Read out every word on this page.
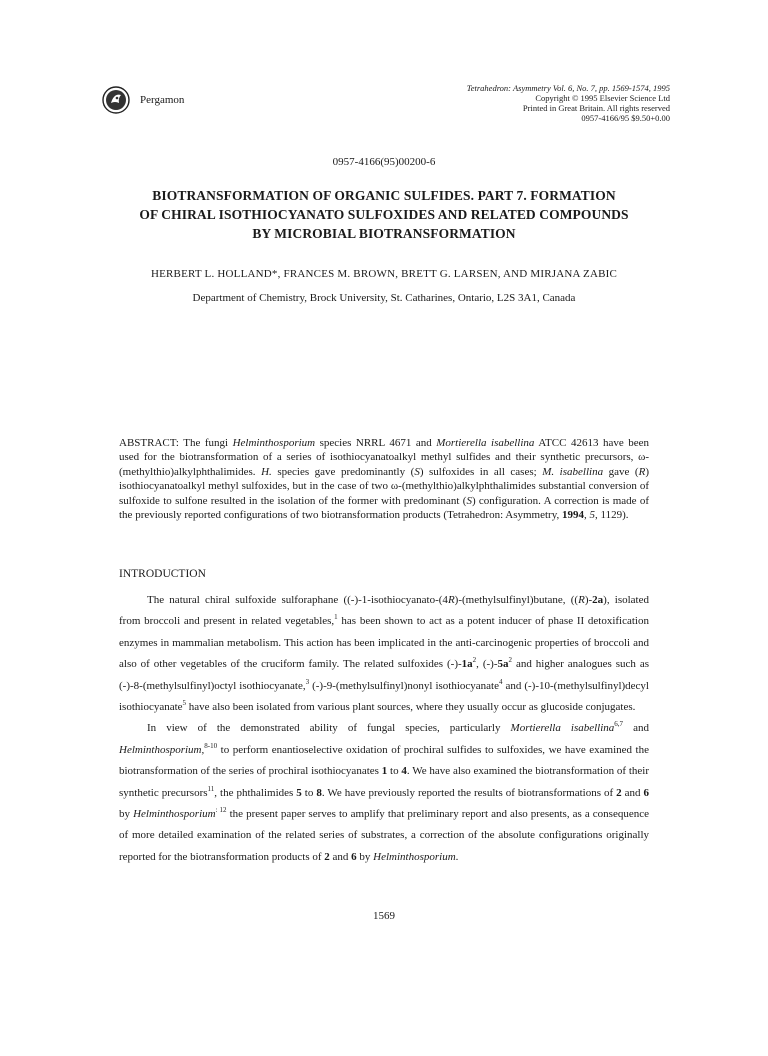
Pergamon
Tetrahedron: Asymmetry Vol. 6, No. 7, pp. 1569-1574, 1995
Copyright © 1995 Elsevier Science Ltd
Printed in Great Britain. All rights reserved
0957-4166/95 $9.50+0.00
0957-4166(95)00200-6
BIOTRANSFORMATION OF ORGANIC SULFIDES. PART 7. FORMATION
OF CHIRAL ISOTHIOCYANATO SULFOXIDES AND RELATED COMPOUNDS
BY MICROBIAL BIOTRANSFORMATION
HERBERT L. HOLLAND*, FRANCES M. BROWN, BRETT G. LARSEN, AND MIRJANA ZABIC
Department of Chemistry, Brock University, St. Catharines, Ontario, L2S 3A1, Canada
ABSTRACT: The fungi Helminthosporium species NRRL 4671 and Mortierella isabellina ATCC 42613 have been used for the biotransformation of a series of isothiocyanatoalkyl methyl sulfides and their synthetic precursors, ω-(methylthio)alkylphthalimides. H. species gave predominantly (S) sulfoxides in all cases; M. isabellina gave (R) isothiocyanatoalkyl methyl sulfoxides, but in the case of two ω-(methylthio)alkylphthalimides substantial conversion of sulfoxide to sulfone resulted in the isolation of the former with predominant (S) configuration. A correction is made of the previously reported configurations of two biotransformation products (Tetrahedron: Asymmetry, 1994, 5, 1129).
INTRODUCTION

The natural chiral sulfoxide sulforaphane ((-)-1-isothiocyanato-(4R)-(methylsulfinyl)butane, ((R)-2a), isolated from broccoli and present in related vegetables,$^1$ has been shown to act as a potent inducer of phase II detoxification enzymes in mammalian metabolism. This action has been implicated in the anti-carcinogenic properties of broccoli and also of other vegetables of the cruciform family. The related sulfoxides $(-)-1a^2$, $(-)-5a^2$ and higher analogues such as (-)-8-(methylsulfinyl)octyl isothiocyanate,$^3$ (-)-9-(methylsulfinyl)nonyl isothiocyanate$^4$ and (-)-10-(methylsulfinyl)decyl isothiocyanate$^5$ have also been isolated from various plant sources, where they usually occur as glucoside conjugates.

In view of the demonstrated ability of fungal species, particularly Mortierella isabellina$^{6,7}$ and Helminthosporium,$^{8-10}$ to perform enantioselective oxidation of prochiral sulfides to sulfoxides, we have examined the biotransformation of the series of prochiral isothiocyanates 1 to 4. We have also examined the biotransformation of their synthetic precursors$^{11}$, the phthalimides 5 to 8. We have previously reported the results of biotransformations of 2 and 6 by Helminthosporium$^{: 12}$ the present paper serves to amplify that preliminary report and also presents, as a consequence of more detailed examination of the related series of substrates, a correction of the absolute configurations originally reported for the biotransformation products of 2 and 6 by Helminthosporium.

1569
